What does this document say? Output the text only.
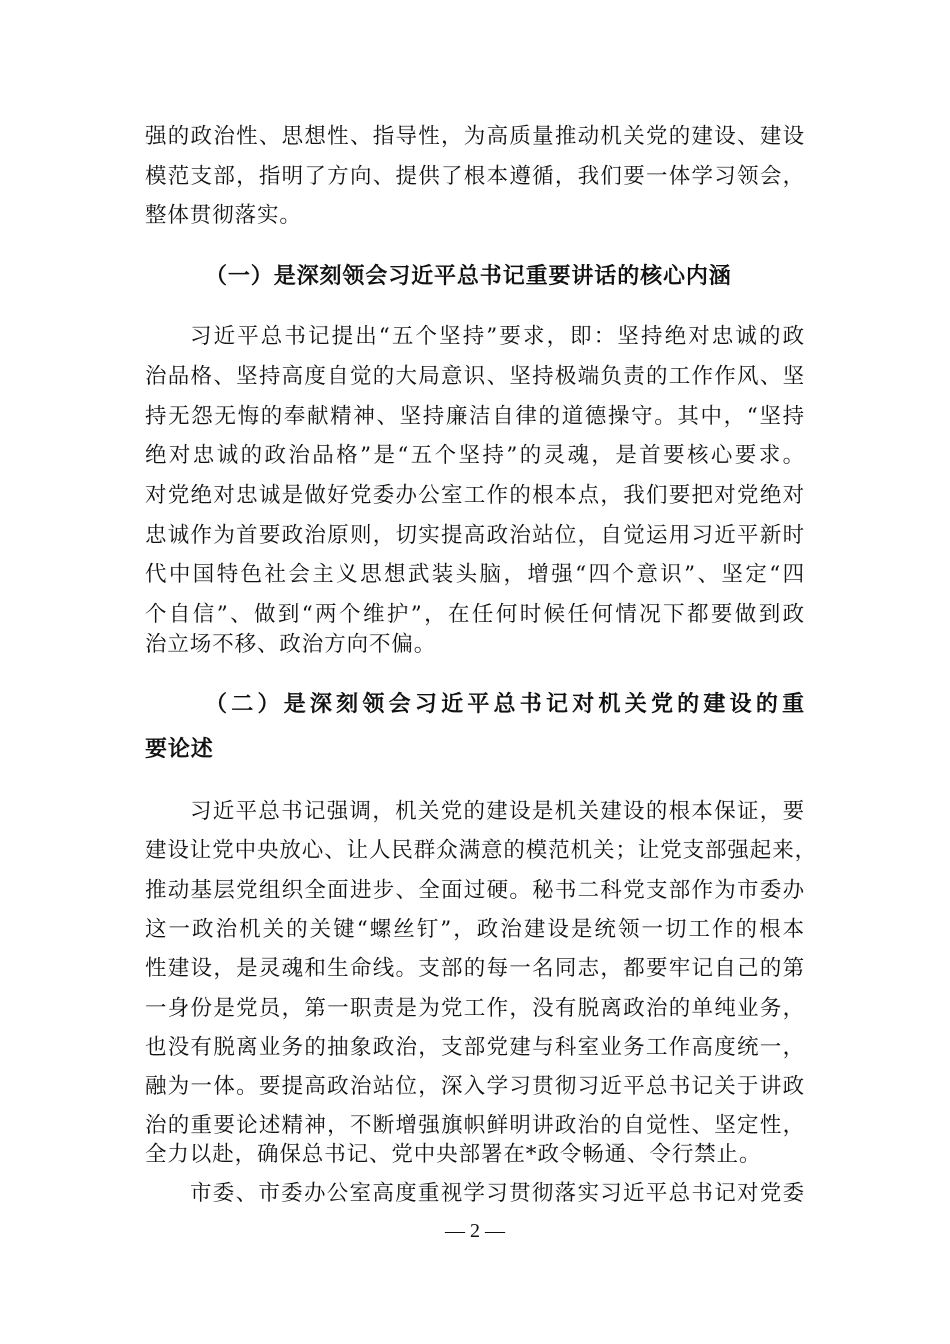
强的政治性、思想性、指导性，为高质量推动机关党的建设、建设
模范支部，指明了方向、提供了根本遵循，我们要一体学习领会，
整体贯彻落实。
（一）是深刻领会习近平总书记重要讲话的核心内涵
习近平总书记提出“五个坚持”要求，即：坚持绝对忠诚的政
治品格、坚持高度自觉的大局意识、坚持极端负责的工作作风、坚
持无怨无悔的奉献精神、坚持廉洁自律的道德操守。其中，“坚持
绝对忠诚的政治品格”是“五个坚持”的灵魂，是首要核心要求。
对党绝对忠诚是做好党委办公室工作的根本点，我们要把对党绝对
忠诚作为首要政治原则，切实提高政治站位，自觉运用习近平新时
代中国特色社会主义思想武装头脑，增强“四个意识”、坚定“四
个自信”、做到“两个维护”，在任何时候任何情况下都要做到政
治立场不移、政治方向不偏。
（二）是深刻领会习近平总书记对机关党的建设的重
要论述
习近平总书记强调，机关党的建设是机关建设的根本保证，要
建设让党中央放心、让人民群众满意的模范机关；让党支部强起来，
推动基层党组织全面进步、全面过硬。秘书二科党支部作为市委办
这一政治机关的关键“螺丝钉”，政治建设是统领一切工作的根本
性建设，是灵魂和生命线。支部的每一名同志，都要牢记自己的第
一身份是党员，第一职责是为党工作，没有脱离政治的单纯业务，
也没有脱离业务的抽象政治，支部党建与科室业务工作高度统一，
融为一体。要提高政治站位，深入学习贯彻习近平总书记关于讲政
治的重要论述精神，不断增强旗帜鲜明讲政治的自觉性、坚定性，
全力以赴，确保总书记、党中央部署在*政令畅通、令行禁止。
市委、市委办公室高度重视学习贯彻落实习近平总书记对党委
— 2 —
